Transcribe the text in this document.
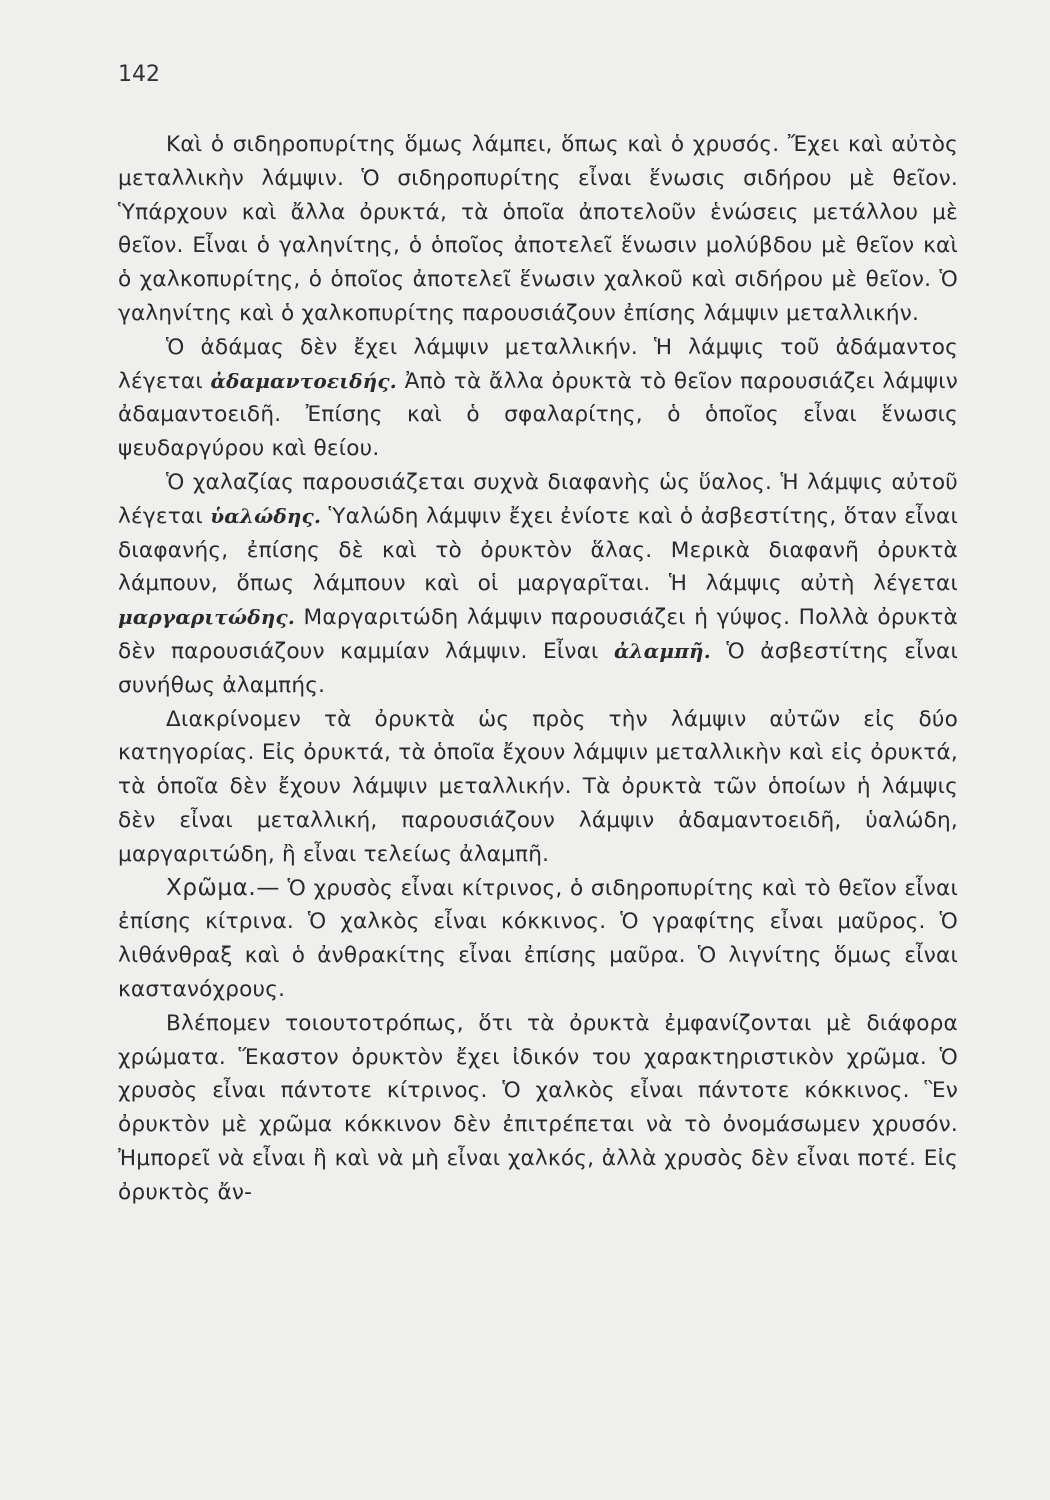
142

Καὶ ὁ σιδηροπυρίτης ὅμως λάμπει, ὅπως καὶ ὁ χρυσός. Ἔχει καὶ αὐτὸς μεταλλικὴν λάμψιν. Ὁ σιδηροπυρίτης εἶναι ἕνωσις σιδήρου μὲ θεῖον. Ὑπάρχουν καὶ ἄλλα ὀρυκτά, τὰ ὁποῖα ἀποτελοῦν ἑνώσεις μετάλλου μὲ θεῖον. Εἶναι ὁ γαληνίτης, ὁ ὁποῖος ἀποτελεῖ ἕνωσιν μολύβδου μὲ θεῖον καὶ ὁ χαλκοπυρίτης, ὁ ὁποῖος ἀποτελεῖ ἕνωσιν χαλκοῦ καὶ σιδήρου μὲ θεῖον. Ὁ γαληνίτης καὶ ὁ χαλκοπυρίτης παρουσιάζουν ἐπίσης λάμψιν μεταλλικήν.

Ὁ ἀδάμας δὲν ἔχει λάμψιν μεταλλικήν. Ἡ λάμψις τοῦ ἀδάμαντος λέγεται ἀδαμαντοειδής. Ἀπὸ τὰ ἄλλα ὀρυκτὰ τὸ θεῖον παρουσιάζει λάμψιν ἀδαμαντοειδῆ. Ἐπίσης καὶ ὁ σφαλαρίτης, ὁ ὁποῖος εἶναι ἕνωσις ψευδαργύρου καὶ θείου.

Ὁ χαλαζίας παρουσιάζεται συχνὰ διαφανὴς ὡς ὕαλος. Ἡ λάμψις αὐτοῦ λέγεται ὑαλώδης. Ὑαλώδη λάμψιν ἔχει ἐνίοτε καὶ ὁ ἀσβεστίτης, ὅταν εἶναι διαφανής, ἐπίσης δὲ καὶ τὸ ὀρυκτὸν ἅλας. Μερικὰ διαφανῆ ὀρυκτὰ λάμπουν, ὅπως λάμπουν καὶ οἱ μαργαρῖται. Ἡ λάμψις αὐτὴ λέγεται μαργαριτώδης. Μαργαριτώδη λάμψιν παρουσιάζει ἡ γύψος. Πολλὰ ὀρυκτὰ δὲν παρουσιάζουν καμμίαν λάμψιν. Εἶναι ἀλαμπῆ. Ὁ ἀσβεστίτης εἶναι συνήθως ἀλαμπής.

Διακρίνομεν τὰ ὀρυκτὰ ὡς πρὸς τὴν λάμψιν αὐτῶν εἰς δύο κατηγορίας. Εἰς ὀρυκτά, τὰ ὁποῖα ἔχουν λάμψιν μεταλλικὴν καὶ εἰς ὀρυκτά, τὰ ὁποῖα δὲν ἔχουν λάμψιν μεταλλικήν. Τὰ ὀρυκτὰ τῶν ὁποίων ἡ λάμψις δὲν εἶναι μεταλλική, παρουσιάζουν λάμψιν ἀδαμαντοειδῆ, ὑαλώδη, μαργαριτώδη, ἢ εἶναι τελείως ἀλαμπῆ.

Χρῶμα.— Ὁ χρυσὸς εἶναι κίτρινος, ὁ σιδηροπυρίτης καὶ τὸ θεῖον εἶναι ἐπίσης κίτρινα. Ὁ χαλκὸς εἶναι κόκκινος. Ὁ γραφίτης εἶναι μαῦρος. Ὁ λιθάνθραξ καὶ ὁ ἀνθρακίτης εἶναι ἐπίσης μαῦρα. Ὁ λιγνίτης ὅμως εἶναι καστανόχρους.

Βλέπομεν τοιουτοτρόπως, ὅτι τὰ ὀρυκτὰ ἐμφανίζονται μὲ διάφορα χρώματα. Ἕκαστον ὀρυκτὸν ἔχει ἰδικόν του χαρακτηριστικὸν χρῶμα. Ὁ χρυσὸς εἶναι πάντοτε κίτρινος. Ὁ χαλκὸς εἶναι πάντοτε κόκκινος. Ἓν ὀρυκτὸν μὲ χρῶμα κόκκινον δὲν ἐπιτρέπεται νὰ τὸ ὀνομάσωμεν χρυσόν. Ἠμπορεῖ νὰ εἶναι ἢ καὶ νὰ μὴ εἶναι χαλκός, ἀλλὰ χρυσὸς δὲν εἶναι ποτέ. Εἰς ὀρυκτὸς ἄν-
